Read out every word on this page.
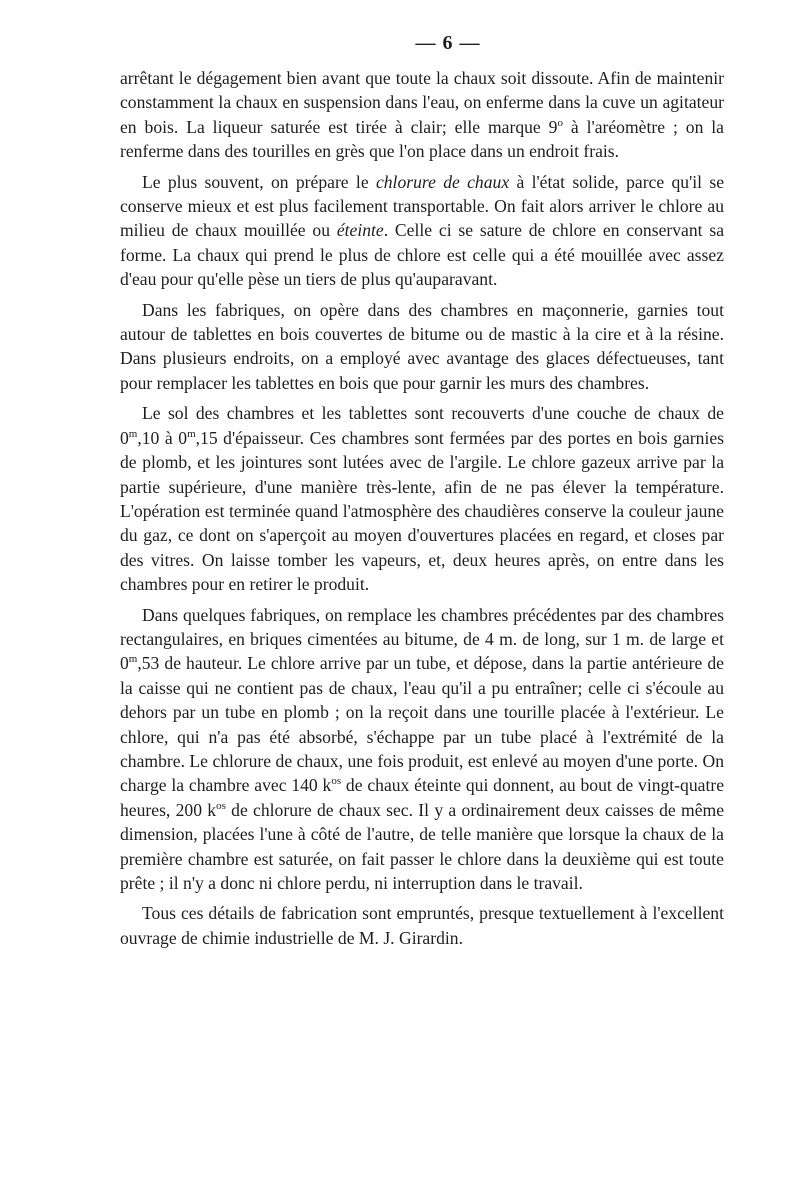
— 6 —

arrêtant le dégagement bien avant que toute la chaux soit dissoute. Afin de maintenir constamment la chaux en suspension dans l'eau, on enferme dans la cuve un agitateur en bois. La liqueur saturée est tirée à clair; elle marque 9$^o$ à l'aréomètre ; on la renferme dans des tourilles en grès que l'on place dans un endroit frais.

Le plus souvent, on prépare le chlorure de chaux à l'état solide, parce qu'il se conserve mieux et est plus facilement transportable. On fait alors arriver le chlore au milieu de chaux mouillée ou éteinte. Celle ci se sature de chlore en conservant sa forme. La chaux qui prend le plus de chlore est celle qui a été mouillée avec assez d'eau pour qu'elle pèse un tiers de plus qu'auparavant.

Dans les fabriques, on opère dans des chambres en maçonnerie, garnies tout autour de tablettes en bois couvertes de bitume ou de mastic à la cire et à la résine. Dans plusieurs endroits, on a employé avec avantage des glaces défectueuses, tant pour remplacer les tablettes en bois que pour garnir les murs des chambres.

Le sol des chambres et les tablettes sont recouverts d'une couche de chaux de 0$^m$,10 à 0$^m$,15 d'épaisseur. Ces chambres sont fermées par des portes en bois garnies de plomb, et les jointures sont lutées avec de l'argile. Le chlore gazeux arrive par la partie supérieure, d'une manière très-lente, afin de ne pas élever la température. L'opération est terminée quand l'atmosphère des chaudières conserve la couleur jaune du gaz, ce dont on s'aperçoit au moyen d'ouvertures placées en regard, et closes par des vitres. On laisse tomber les vapeurs, et, deux heures après, on entre dans les chambres pour en retirer le produit.

Dans quelques fabriques, on remplace les chambres précédentes par des chambres rectangulaires, en briques cimentées au bitume, de 4 m. de long, sur 1 m. de large et 0$^m$,53 de hauteur. Le chlore arrive par un tube, et dépose, dans la partie antérieure de la caisse qui ne contient pas de chaux, l'eau qu'il a pu entraîner; celle ci s'écoule au dehors par un tube en plomb ; on la reçoit dans une tourille placée à l'extérieur. Le chlore, qui n'a pas été absorbé, s'échappe par un tube placé à l'extrémité de la chambre. Le chlorure de chaux, une fois produit, est enlevé au moyen d'une porte. On charge la chambre avec 140 $k^{os}$ de chaux éteinte qui donnent, au bout de vingt-quatre heures, 200 $k^{os}$ de chlorure de chaux sec. Il y a ordinairement deux caisses de même dimension, placées l'une à côté de l'autre, de telle manière que lorsque la chaux de la première chambre est saturée, on fait passer le chlore dans la deuxième qui est toute prête ; il n'y a donc ni chlore perdu, ni interruption dans le travail.

Tous ces détails de fabrication sont empruntés, presque textuellement à l'excellent ouvrage de chimie industrielle de M. J. Girardin.
